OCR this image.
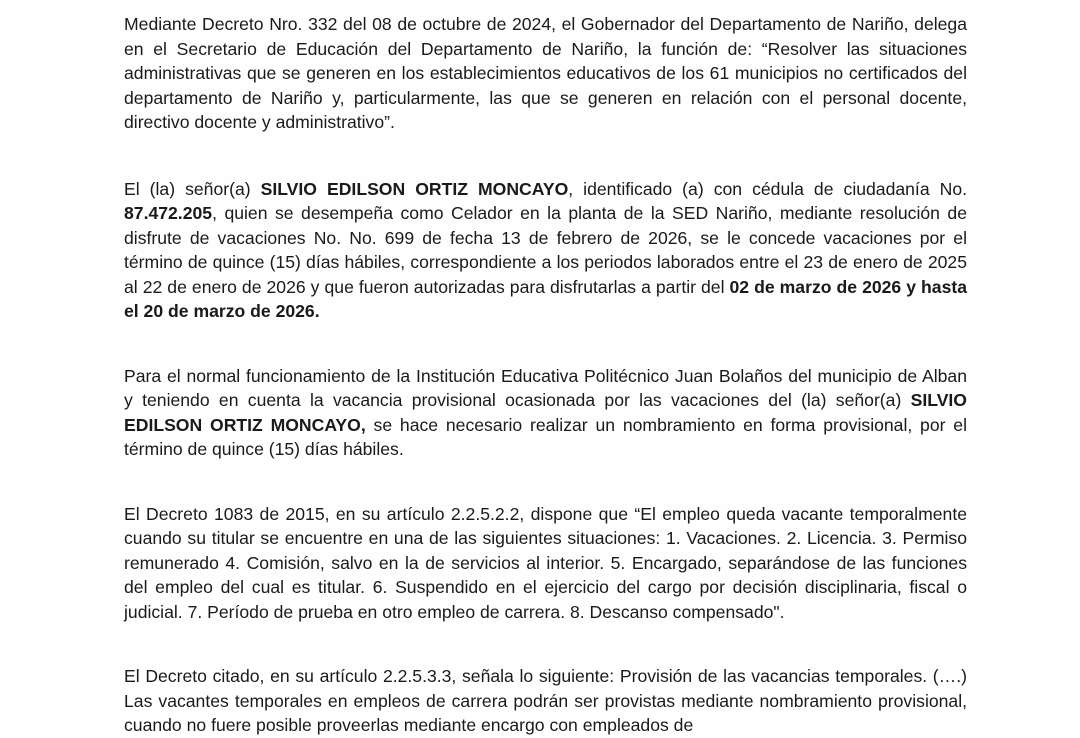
Mediante Decreto Nro. 332 del 08 de octubre de 2024, el Gobernador del Departamento de Nariño, delega en el Secretario de Educación del Departamento de Nariño, la función de: “Resolver las situaciones administrativas que se generen en los establecimientos educativos de los 61 municipios no certificados del departamento de Nariño y, particularmente, las que se generen en relación con el personal docente, directivo docente y administrativo”.

El (la) señor(a) SILVIO EDILSON ORTIZ MONCAYO, identificado (a) con cédula de ciudadanía No. 87.472.205, quien se desempeña como Celador en la planta de la SED Nariño, mediante resolución de disfrute de vacaciones No. No. 699 de fecha 13 de febrero de 2026, se le concede vacaciones por el término de quince (15) días hábiles, correspondiente a los periodos laborados entre el 23 de enero de 2025 al 22 de enero de 2026 y que fueron autorizadas para disfrutarlas a partir del 02 de marzo de 2026 y hasta el 20 de marzo de 2026.

Para el normal funcionamiento de la Institución Educativa Politécnico Juan Bolaños del municipio de Alban y teniendo en cuenta la vacancia provisional ocasionada por las vacaciones del (la) señor(a) SILVIO EDILSON ORTIZ MONCAYO, se hace necesario realizar un nombramiento en forma provisional, por el término de quince (15) días hábiles.

El Decreto 1083 de 2015, en su artículo 2.2.5.2.2, dispone que “El empleo queda vacante temporalmente cuando su titular se encuentre en una de las siguientes situaciones: 1. Vacaciones. 2. Licencia. 3. Permiso remunerado 4. Comisión, salvo en la de servicios al interior. 5. Encargado, separándose de las funciones del empleo del cual es titular. 6. Suspendido en el ejercicio del cargo por decisión disciplinaria, fiscal o judicial. 7. Período de prueba en otro empleo de carrera. 8. Descanso compensado".

El Decreto citado, en su artículo 2.2.5.3.3, señala lo siguiente: Provisión de las vacancias temporales. (….) Las vacantes temporales en empleos de carrera podrán ser provistas mediante nombramiento provisional, cuando no fuere posible proveerlas mediante encargo con empleados de
